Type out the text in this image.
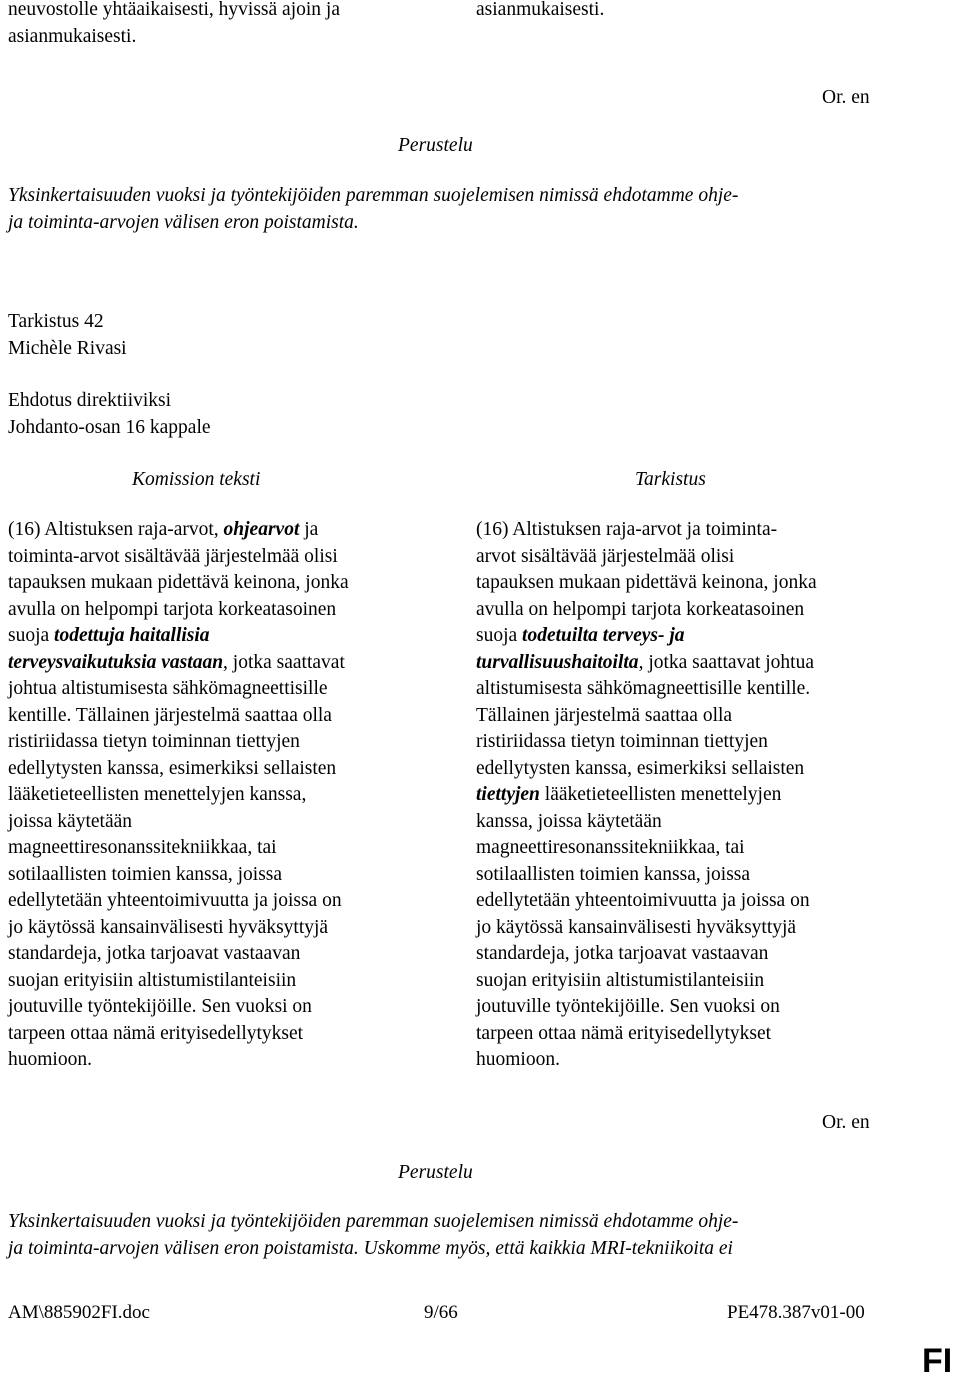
neuvostolle yhtäaikaisesti, hyvissä ajoin ja
asianmukaisesti.
asianmukaisesti.
Or. en
Perustelu
Yksinkertaisuuden vuoksi ja työntekijöiden paremman suojelemisen nimissä ehdotamme ohje-
ja toiminta-arvojen välisen eron poistamista.
Tarkistus 42
Michèle Rivasi
Ehdotus direktiiviksi
Johdanto-osan 16 kappale
Komission teksti	Tarkistus
(16) Altistuksen raja-arvot, ohjearvot ja
toiminta-arvot sisältävää järjestelmää olisi
tapauksen mukaan pidettävä keinona, jonka
avulla on helpompi tarjota korkeatasoinen
suoja todettuja haitallisia
terveysvaikutuksia vastaan, jotka saattavat
johtua altistumisesta sähkömagneettisille
kentille. Tällainen järjestelmä saattaa olla
ristiriidassa tietyn toiminnan tiettyjen
edellytysten kanssa, esimerkiksi sellaisten
lääketieteellisten menettelyjen kanssa,
joissa käytetään
magneettiresonanssitekniikkaa, tai
sotilaallisten toimien kanssa, joissa
edellytetään yhteentoimivuutta ja joissa on
jo käytössä kansainvälisesti hyväksyttyjä
standardeja, jotka tarjoavat vastaavan
suojan erityisiin altistumistilanteisiin
joutuville työntekijöille. Sen vuoksi on
tarpeen ottaa nämä erityisedellytykset
huomioon.
(16) Altistuksen raja-arvot ja toiminta-
arvot sisältävää järjestelmää olisi
tapauksen mukaan pidettävä keinona, jonka
avulla on helpompi tarjota korkeatasoinen
suoja todetuilta terveys- ja
turvallisuushaitoilta, jotka saattavat johtua
altistumisesta sähkömagneettisille kentille.
Tällainen järjestelmä saattaa olla
ristiriidassa tietyn toiminnan tiettyjen
edellytysten kanssa, esimerkiksi sellaisten
tiettyjen lääketieteellisten menettelyjen
kanssa, joissa käytetään
magneettiresonanssitekniikkaa, tai
sotilaallisten toimien kanssa, joissa
edellytetään yhteentoimivuutta ja joissa on
jo käytössä kansainvälisesti hyväksyttyjä
standardeja, jotka tarjoavat vastaavan
suojan erityisiin altistumistilanteisiin
joutuville työntekijöille. Sen vuoksi on
tarpeen ottaa nämä erityisedellytykset
huomioon.
Or. en
Perustelu
Yksinkertaisuuden vuoksi ja työntekijöiden paremman suojelemisen nimissä ehdotamme ohje-
ja toiminta-arvojen välisen eron poistamista. Uskomme myös, että kaikkia MRI-tekniikoita ei
AM\885902FI.doc	9/66	PE478.387v01-00
FI
